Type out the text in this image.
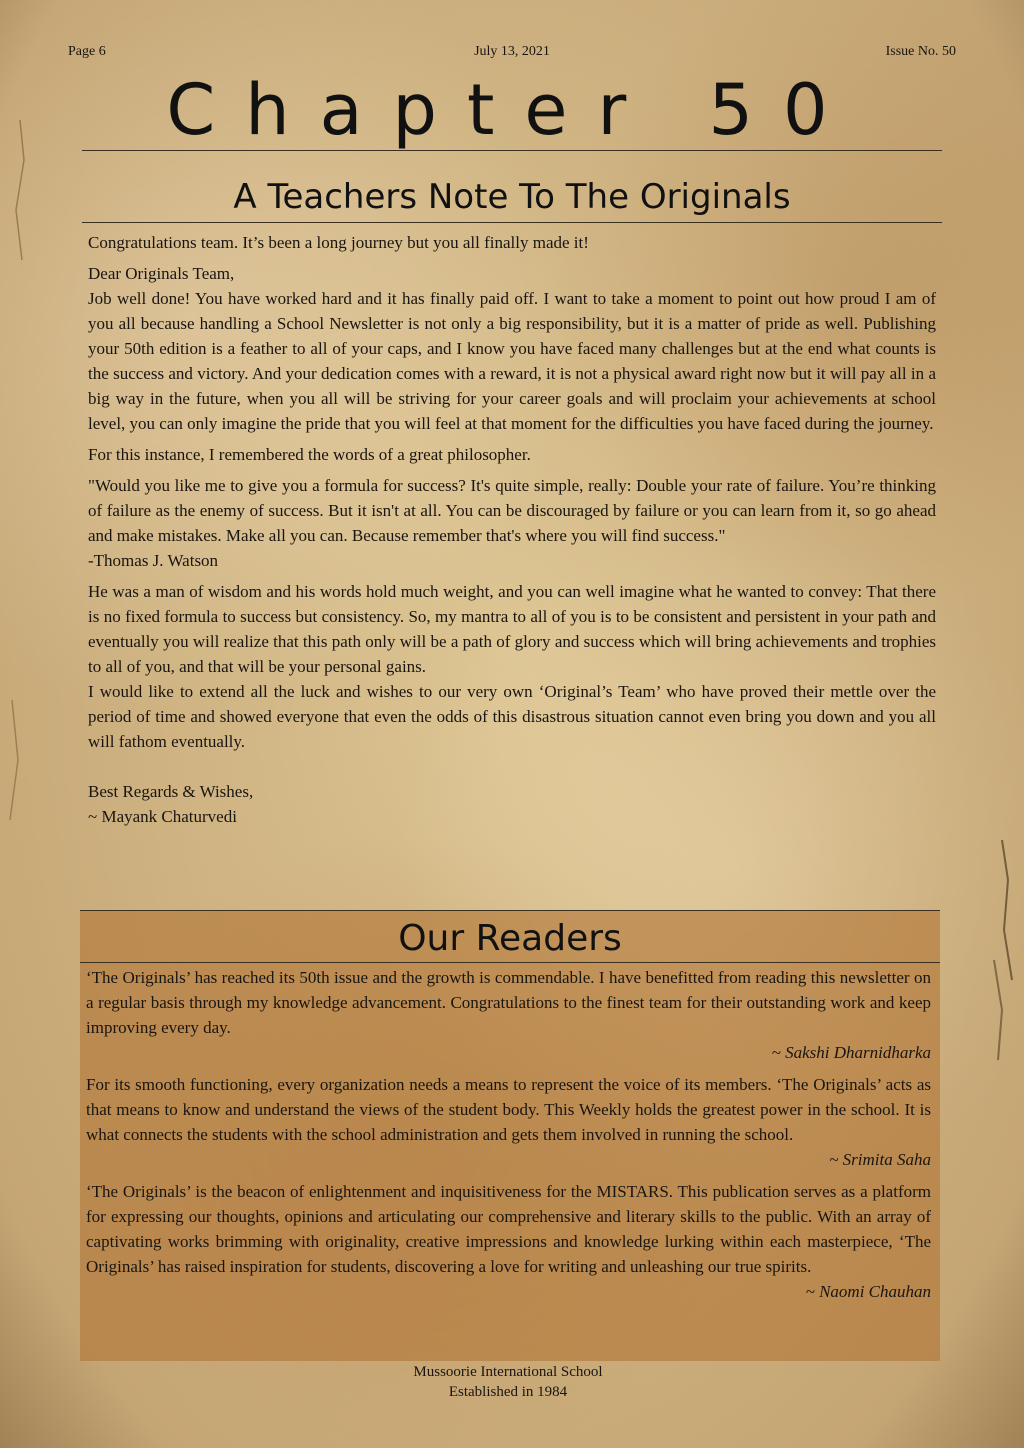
Page 6	July 13, 2021	Issue No. 50
Chapter 50
A Teachers Note To The Originals

Congratulations team. It’s been a long journey but you all finally made it!

Dear Originals Team,

Job well done! You have worked hard and it has finally paid off. I want to take a moment to point out how proud I am of you all because handling a School Newsletter is not only a big responsibility, but it is a matter of pride as well. Publishing your 50th edition is a feather to all of your caps, and I know you have faced many challenges but at the end what counts is the success and victory. And your dedication comes with a reward, it is not a physical award right now but it will pay all in a big way in the future, when you all will be striving for your career goals and will proclaim your achievements at school level, you can only imagine the pride that you will feel at that moment for the difficulties you have faced during the journey.

For this instance, I remembered the words of a great philosopher.

"Would you like me to give you a formula for success? It's quite simple, really: Double your rate of failure. You’re thinking of failure as the enemy of success. But it isn't at all. You can be discouraged by failure or you can learn from it, so go ahead and make mistakes. Make all you can. Because remember that's where you will find success."

-Thomas J. Watson

He was a man of wisdom and his words hold much weight, and you can well imagine what he wanted to convey: That there is no fixed formula to success but consistency. So, my mantra to all of you is to be consistent and persistent in your path and eventually you will realize that this path only will be a path of glory and success which will bring achievements and trophies to all of you, and that will be your personal gains.

I would like to extend all the luck and wishes to our very own ‘Original’s Team’ who have proved their mettle over the period of time and showed everyone that even the odds of this disastrous situation cannot even bring you down and you all will fathom eventually.

Best Regards & Wishes,

~ Mayank Chaturvedi

Our Readers

‘The Originals’ has reached its 50th issue and the growth is commendable. I have benefitted from reading this newsletter on a regular basis through my knowledge advancement. Congratulations to the finest team for their outstanding work and keep improving every day.

~ Sakshi Dharnidharka

For its smooth functioning, every organization needs a means to represent the voice of its members. ‘The Originals’ acts as that means to know and understand the views of the student body. This Weekly holds the greatest power in the school. It is what connects the students with the school administration and gets them involved in running the school.

~ Srimita Saha

‘The Originals’ is the beacon of enlightenment and inquisitiveness for the MISTARS. This publication serves as a platform for expressing our thoughts, opinions and articulating our comprehensive and literary skills to the public. With an array of captivating works brimming with originality, creative impressions and knowledge lurking within each masterpiece, ‘The Originals’ has raised inspiration for students, discovering a love for writing and unleashing our true spirits.

~ Naomi Chauhan

Mussoorie International School
Established in 1984
